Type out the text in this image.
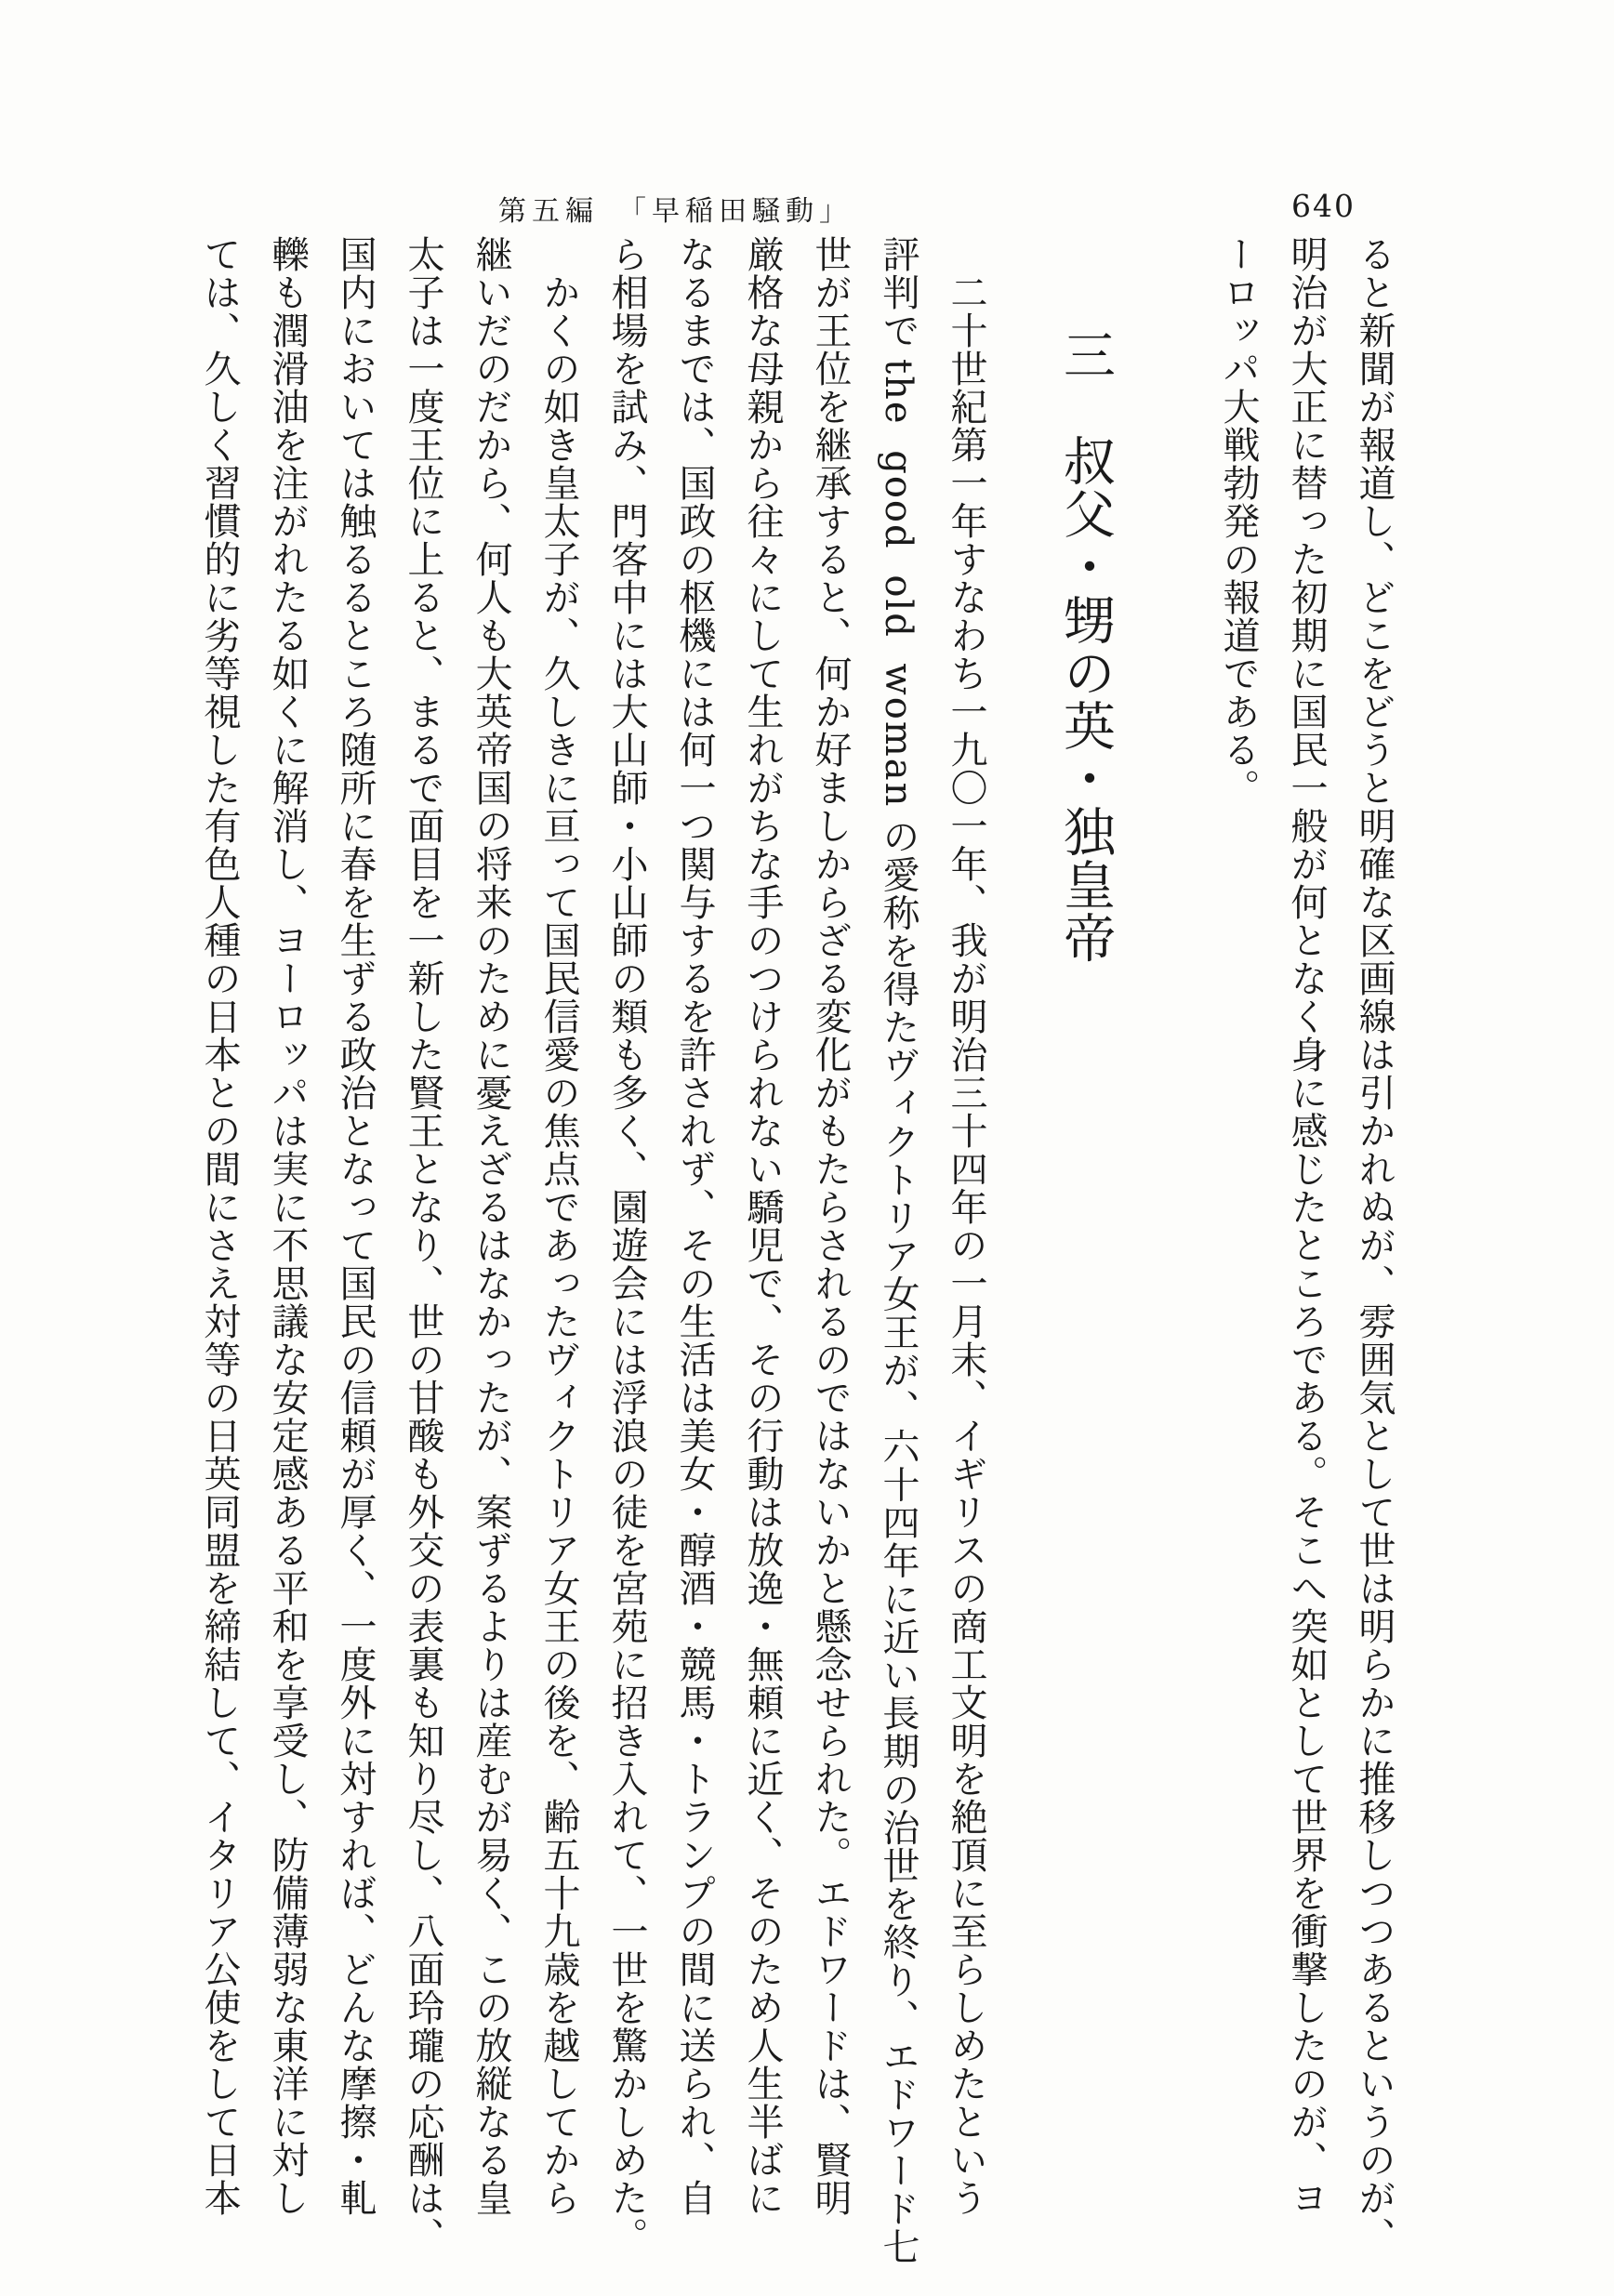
第五編　「早稲田騒動」	640
ると新聞が報道し、どこをどうと明確な区画線は引かれぬが、雰囲気として世は明らかに推移しつつあるというのが、
明治が大正に替った初期に国民一般が何となく身に感じたところである。そこへ突如として世界を衝撃したのが、ヨ
ーロッパ大戦勃発の報道である。
三　叔父・甥の英・独皇帝
　二十世紀第一年すなわち一九〇一年、我が明治三十四年の一月末、イギリスの商工文明を絶頂に至らしめたという
評判でthe good old womanの愛称を得たヴィクトリア女王が、六十四年に近い長期の治世を終り、エドワード七
世が王位を継承すると、何か好ましからざる変化がもたらされるのではないかと懸念せられた。エドワードは、賢明
厳格な母親から往々にして生れがちな手のつけられない驕児で、その行動は放逸・無頼に近く、そのため人生半ばに
なるまでは、国政の枢機には何一つ関与するを許されず、その生活は美女・醇酒・競馬・トランプの間に送られ、自
ら相場を試み、門客中には大山師・小山師の類も多く、園遊会には浮浪の徒を宮苑に招き入れて、一世を驚かしめた。
　かくの如き皇太子が、久しきに亘って国民信愛の焦点であったヴィクトリア女王の後を、齢五十九歳を越してから
継いだのだから、何人も大英帝国の将来のために憂えざるはなかったが、案ずるよりは産むが易く、この放縦なる皇
太子は一度王位に上ると、まるで面目を一新した賢王となり、世の甘酸も外交の表裏も知り尽し、八面玲瓏の応酬は、
国内においては触るるところ随所に春を生ずる政治となって国民の信頼が厚く、一度外に対すれば、どんな摩擦・軋
轢も潤滑油を注がれたる如くに解消し、ヨーロッパは実に不思議な安定感ある平和を享受し、防備薄弱な東洋に対し
ては、久しく習慣的に劣等視した有色人種の日本との間にさえ対等の日英同盟を締結して、イタリア公使をして日本
